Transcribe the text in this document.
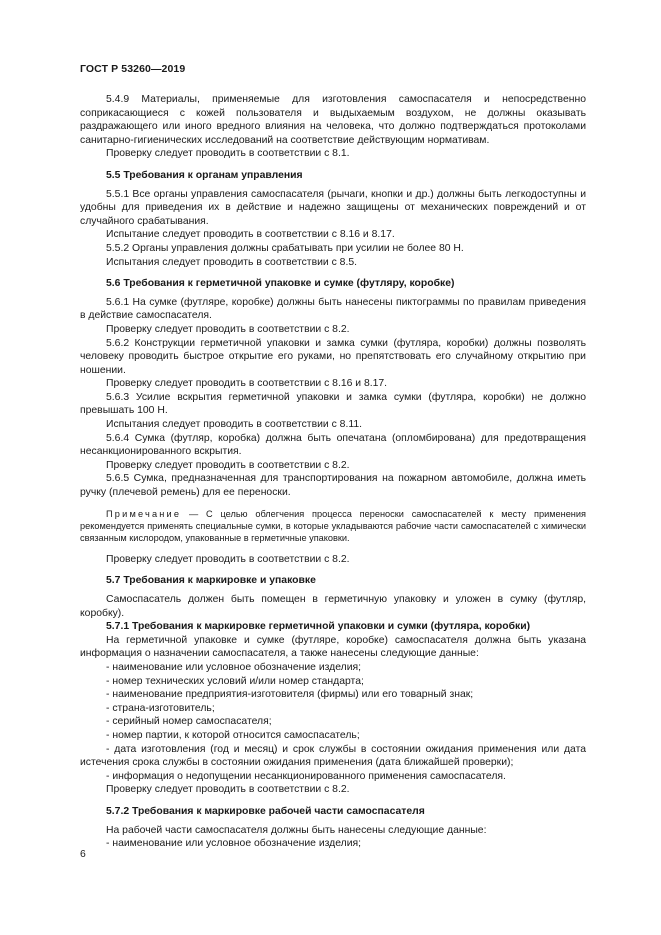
ГОСТ Р 53260—2019

5.4.9 Материалы, применяемые для изготовления самоспасателя и непосредственно соприкасающиеся с кожей пользователя и выдыхаемым воздухом, не должны оказывать раздражающего или иного вредного влияния на человека, что должно подтверждаться протоколами санитарно-гигиенических исследований на соответствие действующим нормативам.

Проверку следует проводить в соответствии с 8.1.

5.5 Требования к органам управления

5.5.1 Все органы управления самоспасателя (рычаги, кнопки и др.) должны быть легкодоступны и удобны для приведения их в действие и надежно защищены от механических повреждений и от случайного срабатывания.

Испытание следует проводить в соответствии с 8.16 и 8.17.

5.5.2 Органы управления должны срабатывать при усилии не более 80 Н.

Испытания следует проводить в соответствии с 8.5.

5.6 Требования к герметичной упаковке и сумке (футляру, коробке)

5.6.1 На сумке (футляре, коробке) должны быть нанесены пиктограммы по правилам приведения в действие самоспасателя.

Проверку следует проводить в соответствии с 8.2.

5.6.2 Конструкции герметичной упаковки и замка сумки (футляра, коробки) должны позволять человеку проводить быстрое открытие его руками, но препятствовать его случайному открытию при ношении.

Проверку следует проводить в соответствии с 8.16 и 8.17.

5.6.3 Усилие вскрытия герметичной упаковки и замка сумки (футляра, коробки) не должно превышать 100 Н.

Испытания следует проводить в соответствии с 8.11.

5.6.4 Сумка (футляр, коробка) должна быть опечатана (опломбирована) для предотвращения несанкционированного вскрытия.

Проверку следует проводить в соответствии с 8.2.

5.6.5 Сумка, предназначенная для транспортирования на пожарном автомобиле, должна иметь ручку (плечевой ремень) для ее переноски.

Примечание — С целью облегчения процесса переноски самоспасателей к месту применения рекомендуется применять специальные сумки, в которые укладываются рабочие части самоспасателей с химически связанным кислородом, упакованные в герметичные упаковки.

Проверку следует проводить в соответствии с 8.2.

5.7 Требования к маркировке и упаковке

Самоспасатель должен быть помещен в герметичную упаковку и уложен в сумку (футляр, коробку).

5.7.1 Требования к маркировке герметичной упаковки и сумки (футляра, коробки)

На герметичной упаковке и сумке (футляре, коробке) самоспасателя должна быть указана информация о назначении самоспасателя, а также нанесены следующие данные:

- наименование или условное обозначение изделия;

- номер технических условий и/или номер стандарта;

- наименование предприятия-изготовителя (фирмы) или его товарный знак;

- страна-изготовитель;

- серийный номер самоспасателя;

- номер партии, к которой относится самоспасатель;

- дата изготовления (год и месяц) и срок службы в состоянии ожидания применения или дата истечения срока службы в состоянии ожидания применения (дата ближайшей проверки);

- информация о недопущении несанкционированного применения самоспасателя.

Проверку следует проводить в соответствии с 8.2.

5.7.2 Требования к маркировке рабочей части самоспасателя

На рабочей части самоспасателя должны быть нанесены следующие данные:

- наименование или условное обозначение изделия;

6
